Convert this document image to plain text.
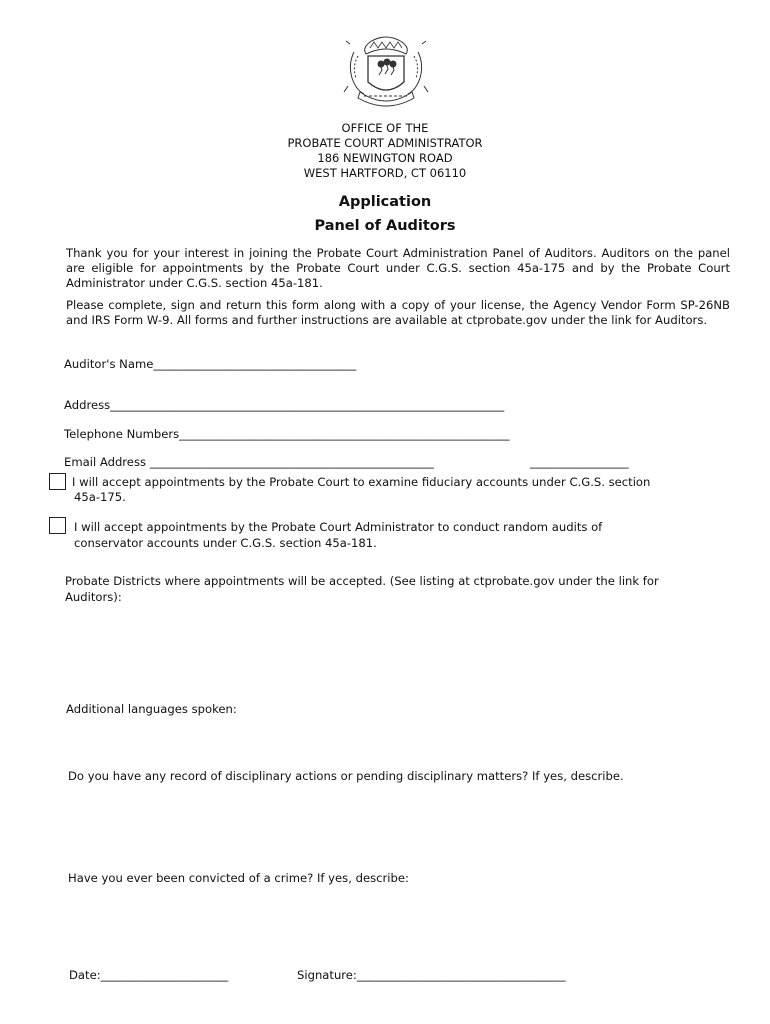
OFFICE OF THE
PROBATE COURT ADMINISTRATOR
186 NEWINGTON ROAD
WEST HARTFORD, CT 06110
Application
Panel of Auditors
Thank you for your interest in joining the Probate Court Administration Panel of Auditors. Auditors on the panel are eligible for appointments by the Probate Court under C.G.S. section 45a-175 and by the Probate Court Administrator under C.G.S. section 45a-181.
Please complete, sign and return this form along with a copy of your license, the Agency Vendor Form SP-26NB and IRS Form W-9. All forms and further instructions are available at ctprobate.gov under the link for Auditors.
Auditor's Name___________________________________
Address____________________________________________________________________
Telephone Numbers_________________________________________________________
Email Address _________________________________________________	_________________
I will accept appointments by the Probate Court to examine fiduciary accounts under C.G.S. section
45a-175.
I will accept appointments by the Probate Court Administrator to conduct random audits of
conservator accounts under C.G.S. section 45a-181.
Probate Districts where appointments will be accepted. (See listing at ctprobate.gov under the link for
Auditors):
Additional languages spoken:
Do you have any record of disciplinary actions or pending disciplinary matters? If yes, describe.
Have you ever been convicted of a crime? If yes, describe:
Date:______________________	Signature:____________________________________
